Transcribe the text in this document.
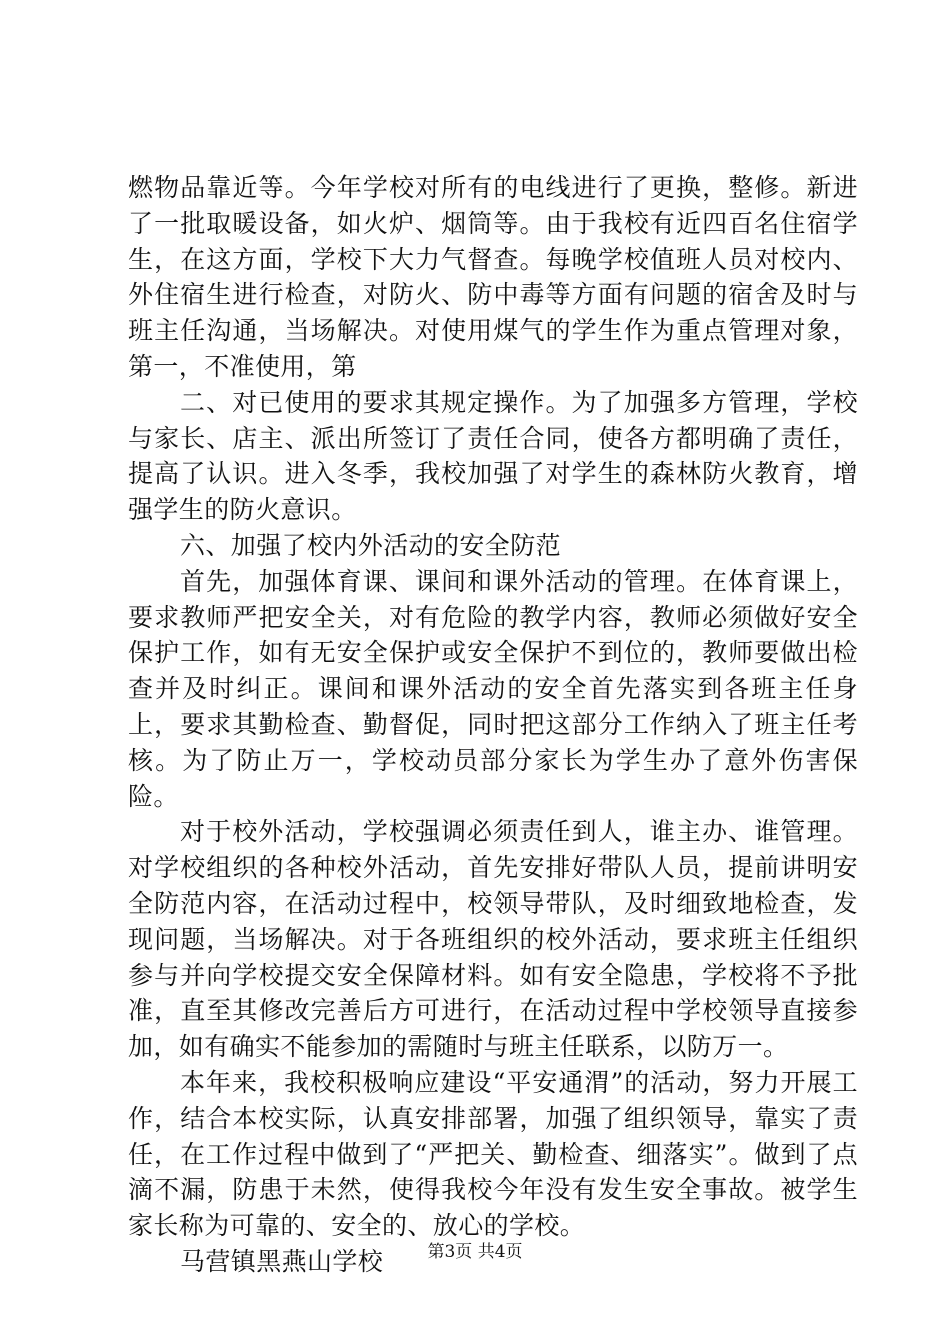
燃物品靠近等。今年学校对所有的电线进行了更换，整修。新进了一批取暖设备，如火炉、烟筒等。由于我校有近四百名住宿学生，在这方面，学校下大力气督查。每晚学校值班人员对校内、外住宿生进行检查，对防火、防中毒等方面有问题的宿舍及时与班主任沟通，当场解决。对使用煤气的学生作为重点管理对象，第一，不准使用，第

二、对已使用的要求其规定操作。为了加强多方管理，学校与家长、店主、派出所签订了责任合同，使各方都明确了责任，提高了认识。进入冬季，我校加强了对学生的森林防火教育，增强学生的防火意识。

六、加强了校内外活动的安全防范

首先，加强体育课、课间和课外活动的管理。在体育课上，要求教师严把安全关，对有危险的教学内容，教师必须做好安全保护工作，如有无安全保护或安全保护不到位的，教师要做出检查并及时纠正。课间和课外活动的安全首先落实到各班主任身上，要求其勤检查、勤督促，同时把这部分工作纳入了班主任考核。为了防止万一，学校动员部分家长为学生办了意外伤害保险。

对于校外活动，学校强调必须责任到人，谁主办、谁管理。对学校组织的各种校外活动，首先安排好带队人员，提前讲明安全防范内容，在活动过程中，校领导带队，及时细致地检查，发现问题，当场解决。对于各班组织的校外活动，要求班主任组织参与并向学校提交安全保障材料。如有安全隐患，学校将不予批准，直至其修改完善后方可进行，在活动过程中学校领导直接参加，如有确实不能参加的需随时与班主任联系，以防万一。

本年来，我校积极响应建设“平安通渭”的活动，努力开展工作，结合本校实际，认真安排部署，加强了组织领导，靠实了责任，在工作过程中做到了“严把关、勤检查、细落实”。做到了点滴不漏，防患于未然，使得我校今年没有发生安全事故。被学生家长称为可靠的、安全的、放心的学校。

马营镇黑燕山学校	第3页 共4页
